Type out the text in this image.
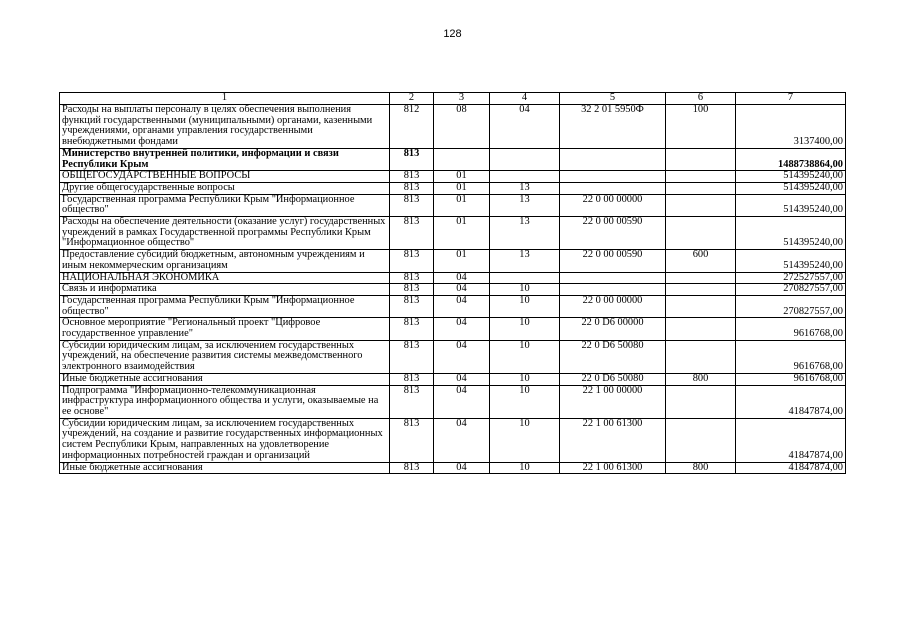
128
1	2	3	4	5	6	7
Расходы на выплаты персоналу в целях обеспечения выполнения функций государственными (муниципальными) органами, казенными учреждениями, органами управления государственными внебюджетными фондами	812	08	04	32 2 01 5950Ф	100	3137400,00
Министерство внутренней политики, информации и связи Республики Крым	813					1488738864,00
ОБЩЕГОСУДАРСТВЕННЫЕ ВОПРОСЫ	813	01				514395240,00
Другие общегосударственные вопросы	813	01	13			514395240,00
Государственная программа Республики Крым "Информационное общество"	813	01	13	22 0 00 00000		514395240,00
Расходы на обеспечение деятельности (оказание услуг) государственных учреждений в рамках Государственной программы Республики Крым "Информационное общество"	813	01	13	22 0 00 00590		514395240,00
Предоставление субсидий бюджетным, автономным учреждениям и иным некоммерческим организациям	813	01	13	22 0 00 00590	600	514395240,00
НАЦИОНАЛЬНАЯ ЭКОНОМИКА	813	04				272527557,00
Связь и информатика	813	04	10			270827557,00
Государственная программа Республики Крым "Информационное общество"	813	04	10	22 0 00 00000		270827557,00
Основное мероприятие "Региональный проект "Цифровое государственное управление"	813	04	10	22 0 D6 00000		9616768,00
Субсидии юридическим лицам, за исключением государственных учреждений, на обеспечение развития системы межведомственного электронного взаимодействия	813	04	10	22 0 D6 50080		9616768,00
Иные бюджетные ассигнования	813	04	10	22 0 D6 50080	800	9616768,00
Подпрограмма "Информационно-телекоммуникационная инфраструктура информационного общества и услуги, оказываемые на ее основе"	813	04	10	22 1 00 00000		41847874,00
Субсидии юридическим лицам, за исключением государственных учреждений, на создание и развитие государственных информационных систем Республики Крым, направленных на удовлетворение информационных потребностей граждан и организаций	813	04	10	22 1 00 61300		41847874,00
Иные бюджетные ассигнования	813	04	10	22 1 00 61300	800	41847874,00
